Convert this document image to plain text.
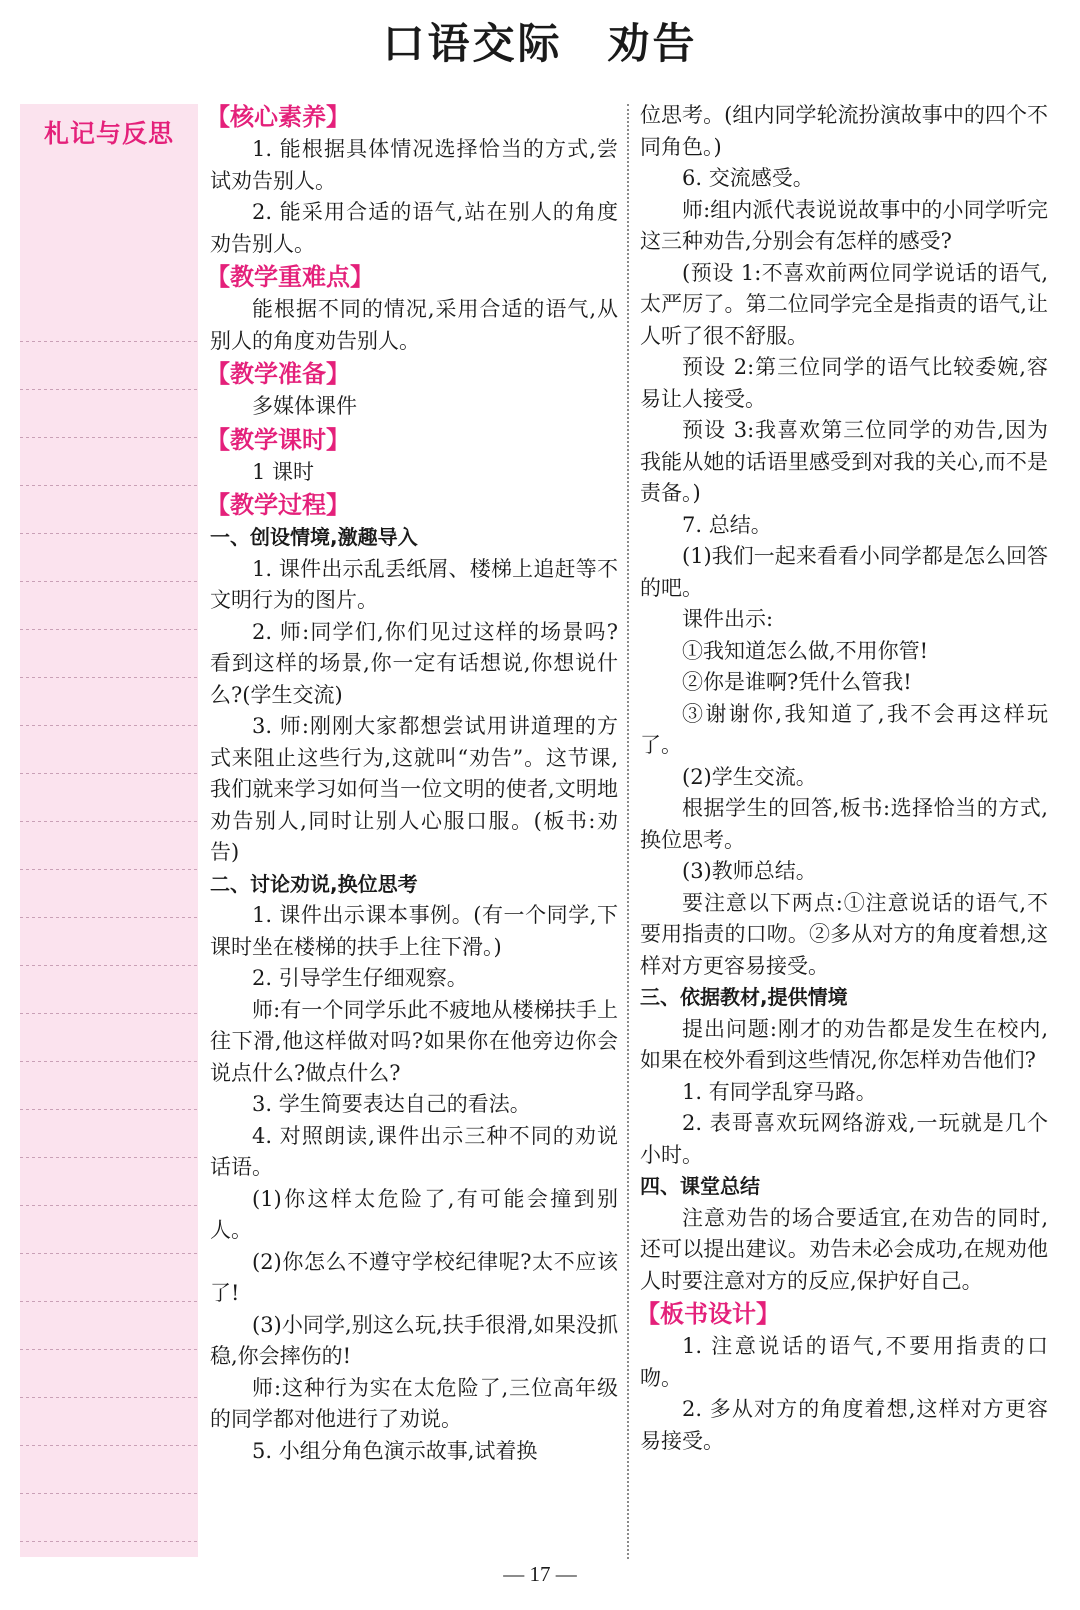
口语交际　劝告
札记与反思

【核心素养】

1. 能根据具体情况选择恰当的方式,尝试劝告别人。

2. 能采用合适的语气,站在别人的角度劝告别人。

【教学重难点】

能根据不同的情况,采用合适的语气,从别人的角度劝告别人。

【教学准备】

多媒体课件

【教学课时】

1 课时

【教学过程】

一、创设情境,激趣导入

1. 课件出示乱丢纸屑、楼梯上追赶等不文明行为的图片。

2. 师:同学们,你们见过这样的场景吗?看到这样的场景,你一定有话想说,你想说什么?(学生交流)

3. 师:刚刚大家都想尝试用讲道理的方式来阻止这些行为,这就叫“劝告”。这节课,我们就来学习如何当一位文明的使者,文明地劝告别人,同时让别人心服口服。(板书:劝告)

二、讨论劝说,换位思考

1. 课件出示课本事例。(有一个同学,下课时坐在楼梯的扶手上往下滑。)

2. 引导学生仔细观察。

师:有一个同学乐此不疲地从楼梯扶手上往下滑,他这样做对吗?如果你在他旁边你会说点什么?做点什么?

3. 学生简要表达自己的看法。

4. 对照朗读,课件出示三种不同的劝说话语。

(1)你这样太危险了,有可能会撞到别人。

(2)你怎么不遵守学校纪律呢?太不应该了!

(3)小同学,别这么玩,扶手很滑,如果没抓稳,你会摔伤的!

师:这种行为实在太危险了,三位高年级的同学都对他进行了劝说。

5. 小组分角色演示故事,试着换

位思考。(组内同学轮流扮演故事中的四个不同角色。)

6. 交流感受。

师:组内派代表说说故事中的小同学听完这三种劝告,分别会有怎样的感受?

(预设 1:不喜欢前两位同学说话的语气,太严厉了。第二位同学完全是指责的语气,让人听了很不舒服。

预设 2:第三位同学的语气比较委婉,容易让人接受。

预设 3:我喜欢第三位同学的劝告,因为我能从她的话语里感受到对我的关心,而不是责备。)

7. 总结。

(1)我们一起来看看小同学都是怎么回答的吧。

课件出示:

①我知道怎么做,不用你管!

②你是谁啊?凭什么管我!

③谢谢你,我知道了,我不会再这样玩了。

(2)学生交流。

根据学生的回答,板书:选择恰当的方式,换位思考。

(3)教师总结。

要注意以下两点:①注意说话的语气,不要用指责的口吻。②多从对方的角度着想,这样对方更容易接受。

三、依据教材,提供情境

提出问题:刚才的劝告都是发生在校内,如果在校外看到这些情况,你怎样劝告他们?

1. 有同学乱穿马路。

2. 表哥喜欢玩网络游戏,一玩就是几个小时。

四、课堂总结

注意劝告的场合要适宜,在劝告的同时,还可以提出建议。劝告未必会成功,在规劝他人时要注意对方的反应,保护好自己。

【板书设计】

1. 注意说话的语气,不要用指责的口吻。

2. 多从对方的角度着想,这样对方更容易接受。

— 17 —
